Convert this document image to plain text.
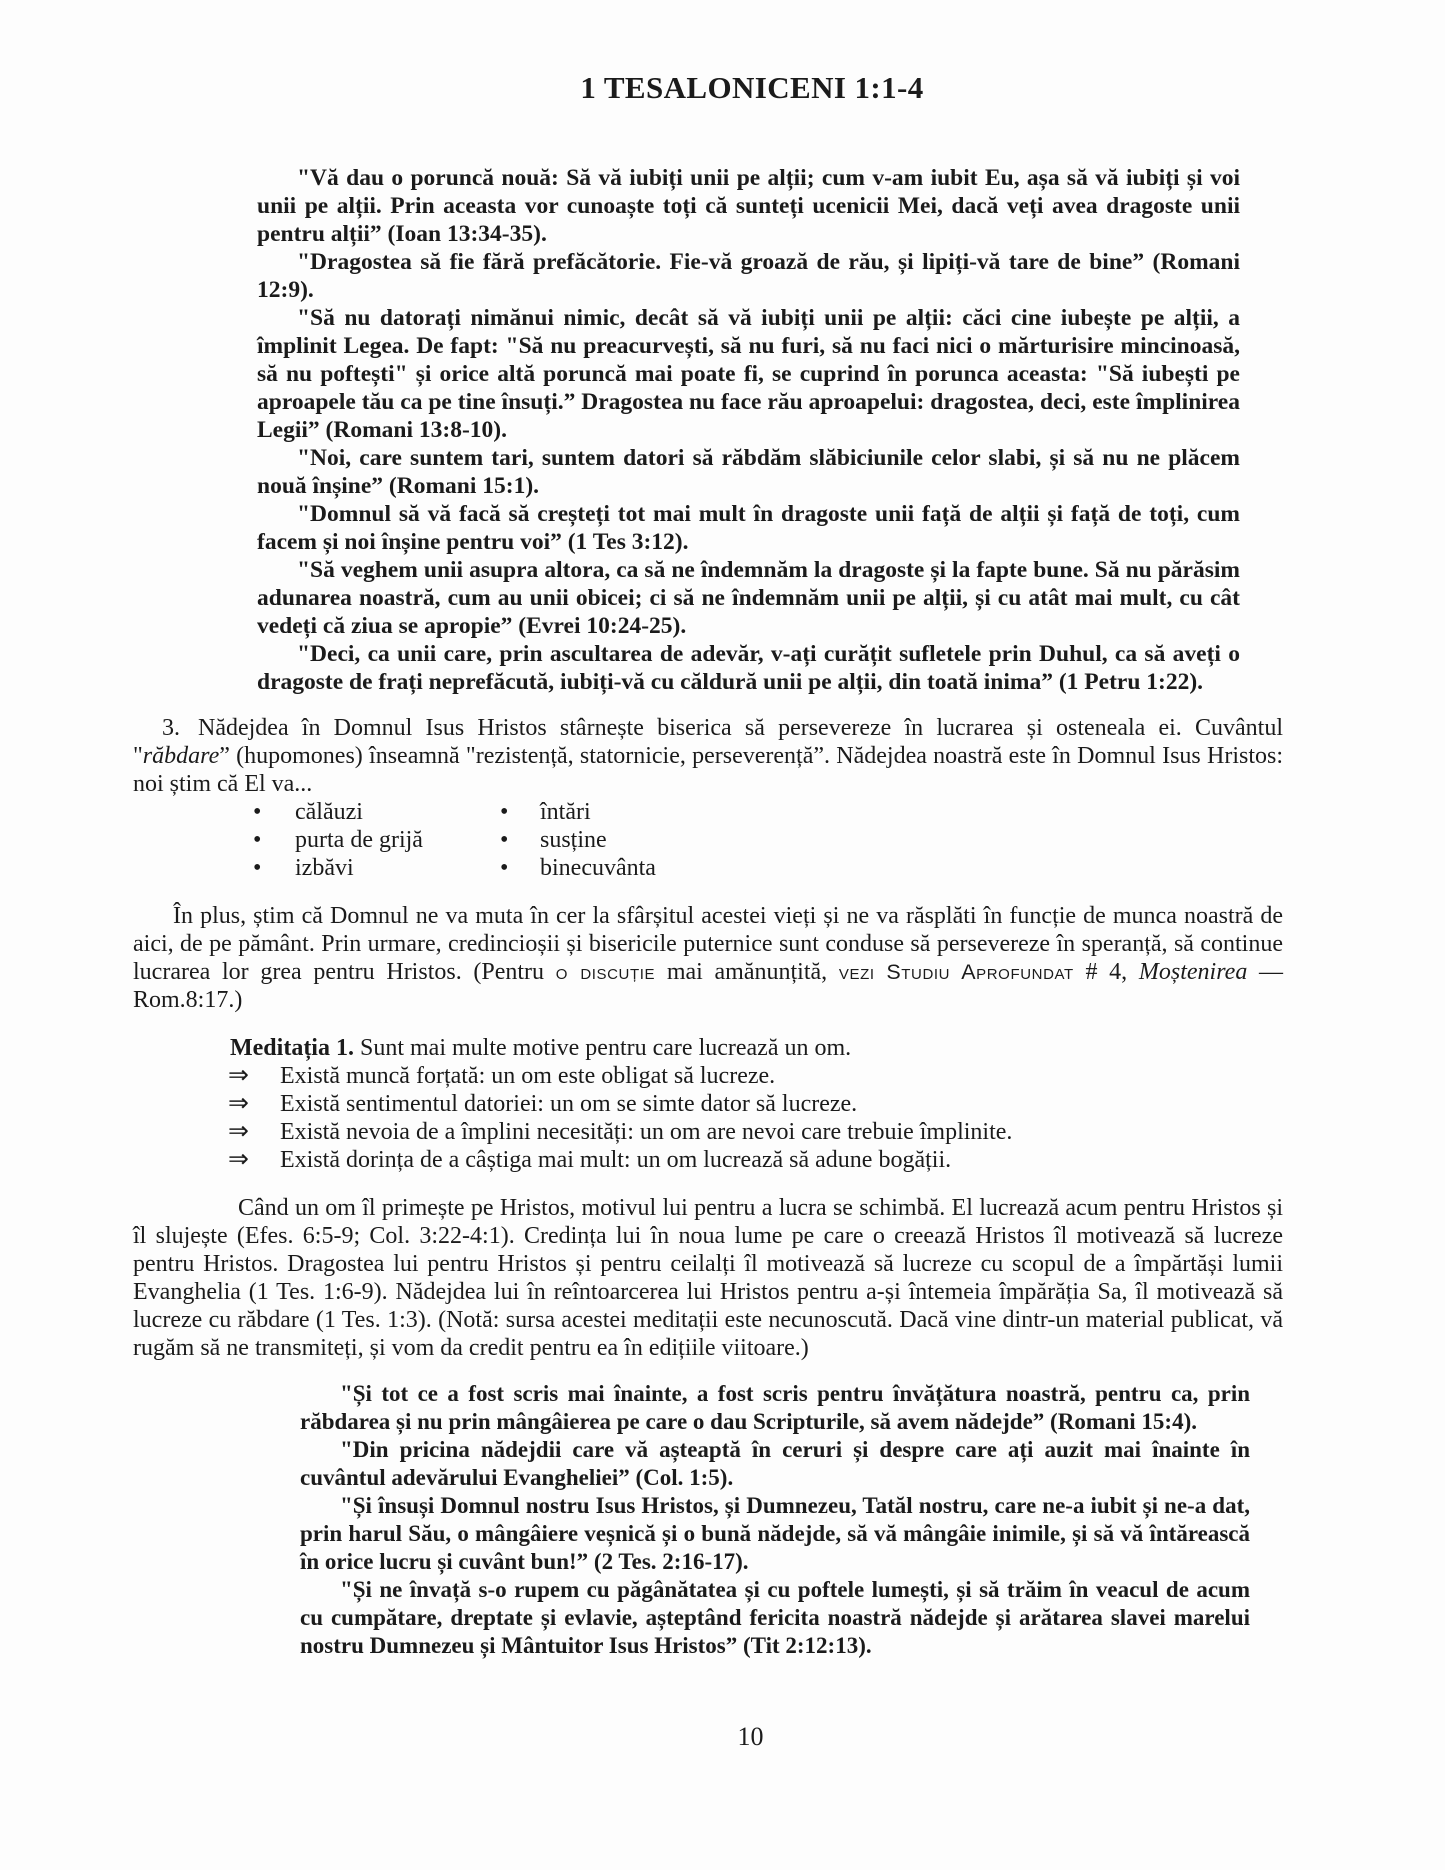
1 TESALONICENI 1:1-4

"Vă dau o poruncă nouă: Să vă iubiți unii pe alții; cum v-am iubit Eu, așa să vă iubiți și voi unii pe alții. Prin aceasta vor cunoaște toți că sunteți ucenicii Mei, dacă veți avea dragoste unii pentru alții” (Ioan 13:34-35).

"Dragostea să fie fără prefăcătorie. Fie-vă groază de rău, și lipiți-vă tare de bine” (Romani 12:9).

"Să nu datorați nimănui nimic, decât să vă iubiți unii pe alții: căci cine iubește pe alții, a împlinit Legea. De fapt: "Să nu preacurvești, să nu furi, să nu faci nici o mărturisire mincinoasă, să nu poftești" și orice altă poruncă mai poate fi, se cuprind în porunca aceasta: "Să iubești pe aproapele tău ca pe tine însuți.” Dragostea nu face rău aproapelui: dragostea, deci, este împlinirea Legii” (Romani 13:8-10).

"Noi, care suntem tari, suntem datori să răbdăm slăbiciunile celor slabi, și să nu ne plăcem nouă înșine” (Romani 15:1).

"Domnul să vă facă să creșteți tot mai mult în dragoste unii față de alții și față de toți, cum facem și noi înșine pentru voi” (1 Tes 3:12).

"Să veghem unii asupra altora, ca să ne îndemnăm la dragoste și la fapte bune. Să nu părăsim adunarea noastră, cum au unii obicei; ci să ne îndemnăm unii pe alții, și cu atât mai mult, cu cât vedeți că ziua se apropie” (Evrei 10:24-25).

"Deci, ca unii care, prin ascultarea de adevăr, v-ați curățit sufletele prin Duhul, ca să aveți o dragoste de frați neprefăcută, iubiți-vă cu căldură unii pe alții, din toată inima” (1 Petru 1:22).

3. Nădejdea în Domnul Isus Hristos stârnește biserica să persevereze în lucrarea și osteneala ei. Cuvântul "răbdare” (hupomones) înseamnă "rezistență, statornicie, perseverență”. Nădejdea noastră este în Domnul Isus Hristos: noi știm că El va...

•	călăuzi	•	întări
•	purta de grijă	•	susține
•	izbăvi	•	binecuvânta

În plus, știm că Domnul ne va muta în cer la sfârșitul acestei vieți și ne va răsplăti în funcție de munca noastră de aici, de pe pământ. Prin urmare, credincioșii și bisericile puternice sunt conduse să persevereze în speranță, să continue lucrarea lor grea pentru Hristos. (Pentru o discuție mai amănunțită, vezi Studiu Aprofundat # 4, Moștenirea — Rom.8:17.)

Meditația 1. Sunt mai multe motive pentru care lucrează un om.

⇒	Există muncă forțată: un om este obligat să lucreze.
⇒	Există sentimentul datoriei: un om se simte dator să lucreze.
⇒	Există nevoia de a împlini necesități: un om are nevoi care trebuie împlinite.
⇒	Există dorința de a câștiga mai mult: un om lucrează să adune bogății.

Când un om îl primește pe Hristos, motivul lui pentru a lucra se schimbă. El lucrează acum pentru Hristos și îl slujește (Efes. 6:5-9; Col. 3:22-4:1). Credința lui în noua lume pe care o creează Hristos îl motivează să lucreze pentru Hristos. Dragostea lui pentru Hristos și pentru ceilalți îl motivează să lucreze cu scopul de a împărtăși lumii Evanghelia (1 Tes. 1:6-9). Nădejdea lui în reîntoarcerea lui Hristos pentru a-și întemeia împărăția Sa, îl motivează să lucreze cu răbdare (1 Tes. 1:3). (Notă: sursa acestei meditații este necunoscută. Dacă vine dintr-un material publicat, vă rugăm să ne transmiteți, și vom da credit pentru ea în edițiile viitoare.)

"Și tot ce a fost scris mai înainte, a fost scris pentru învățătura noastră, pentru ca, prin răbdarea și nu prin mângâierea pe care o dau Scripturile, să avem nădejde” (Romani 15:4).

"Din pricina nădejdii care vă așteaptă în ceruri și despre care ați auzit mai înainte în cuvântul adevărului Evangheliei” (Col. 1:5).

"Și însuși Domnul nostru Isus Hristos, și Dumnezeu, Tatăl nostru, care ne-a iubit și ne-a dat, prin harul Său, o mângâiere veșnică și o bună nădejde, să vă mângâie inimile, și să vă întărească în orice lucru și cuvânt bun!” (2 Tes. 2:16-17).

"Și ne învață s-o rupem cu păgânătatea și cu poftele lumești, și să trăim în veacul de acum cu cumpătare, dreptate și evlavie, așteptând fericita noastră nădejde și arătarea slavei marelui nostru Dumnezeu și Mântuitor Isus Hristos” (Tit 2:12:13).

10
